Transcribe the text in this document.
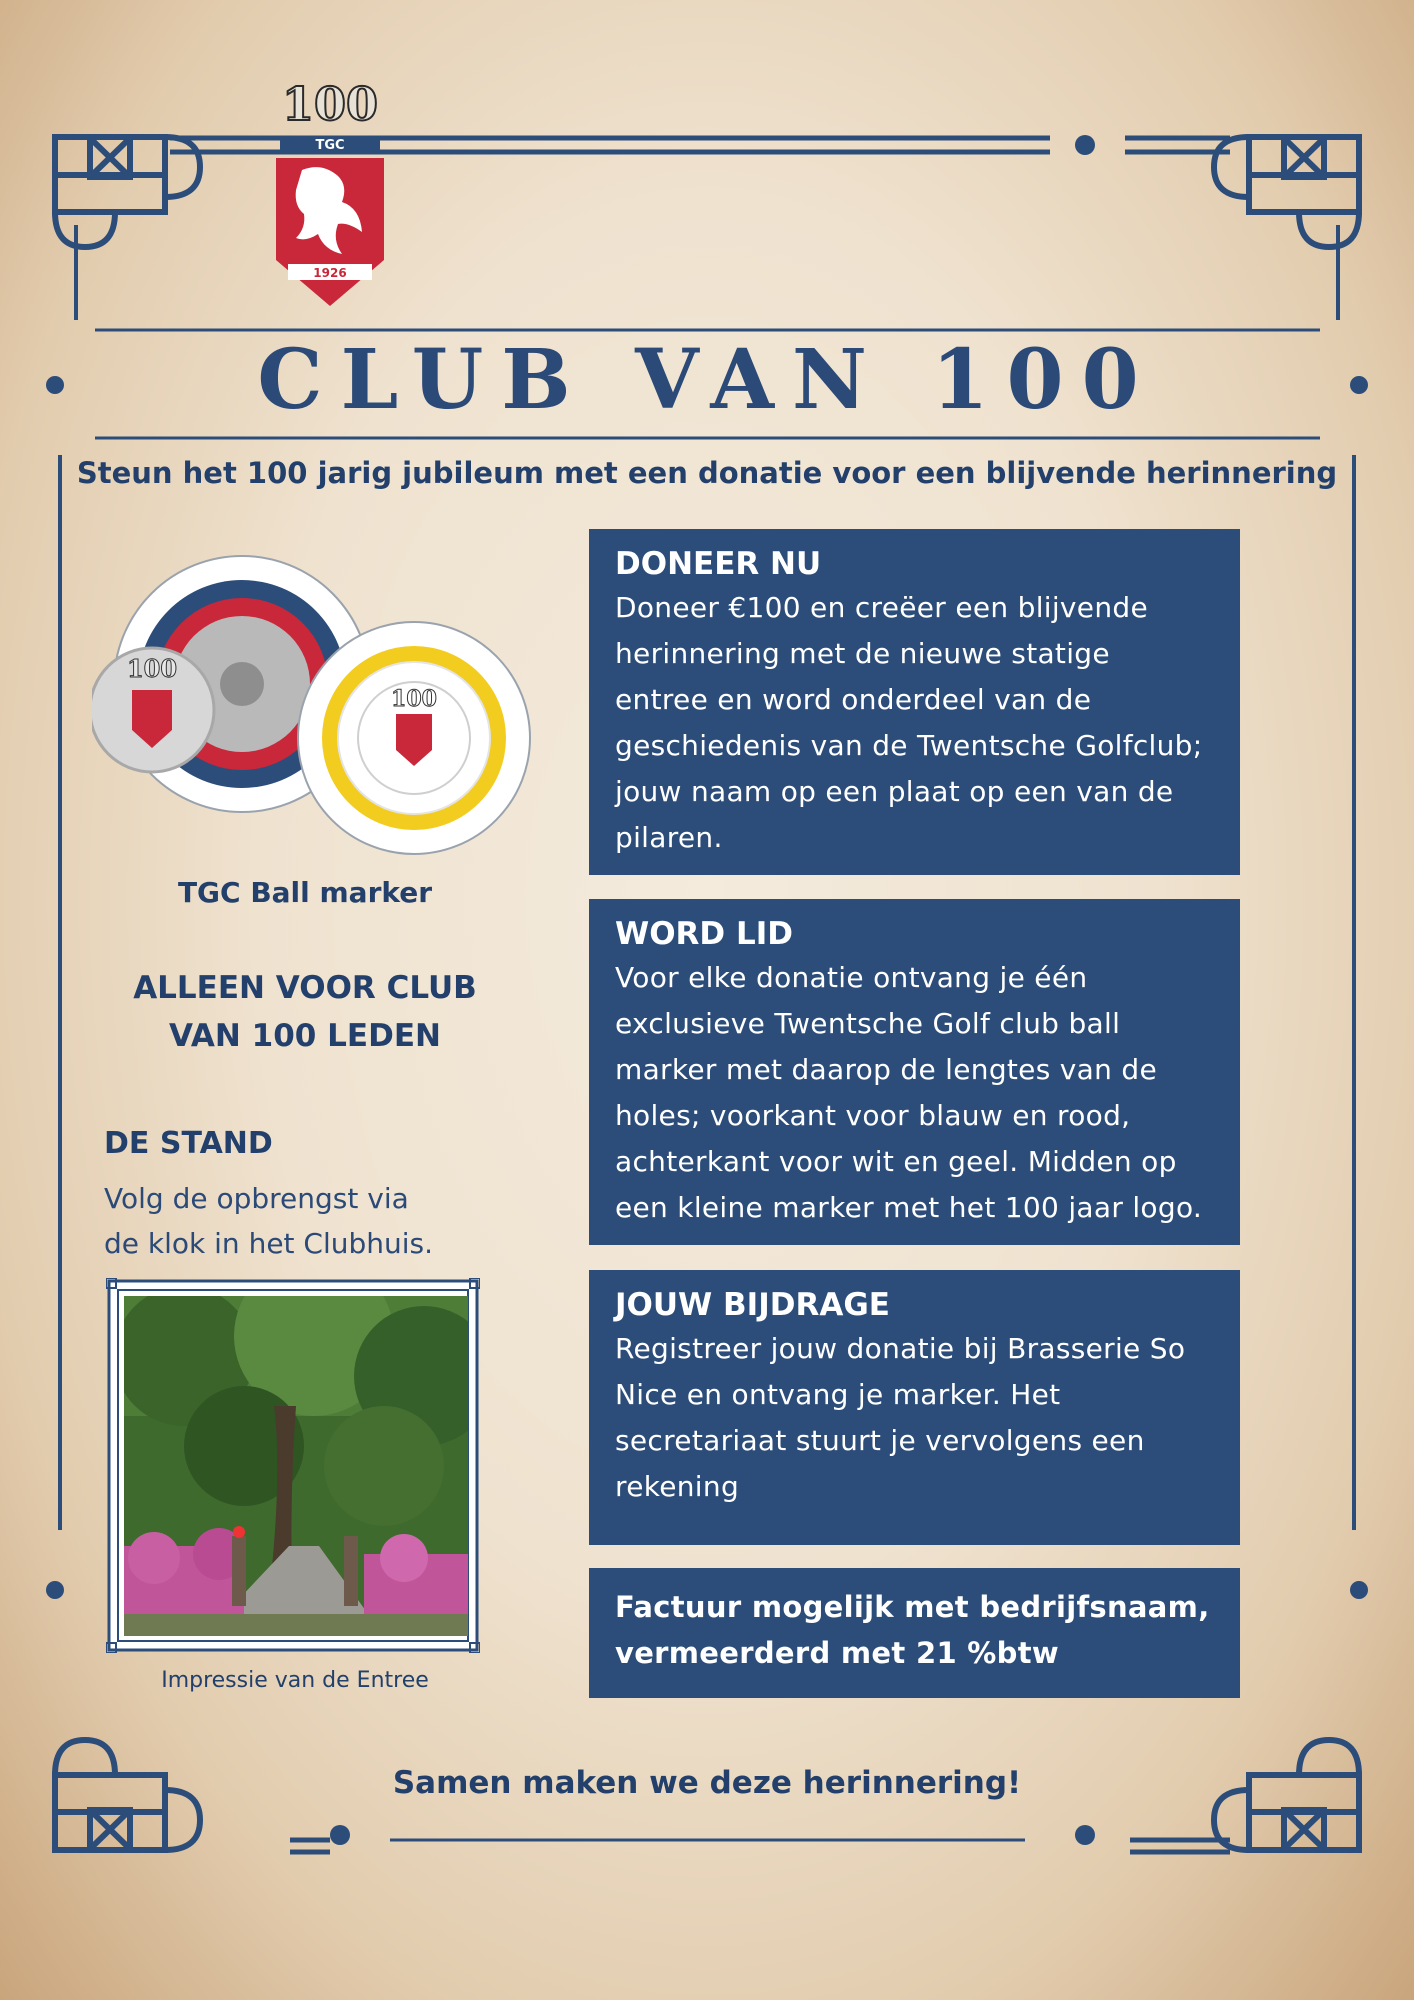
100
TGC
1926
CLUB VAN 100
Steun het 100 jarig jubileum met een donatie voor een blijvende herinnering
100
100
TGC Ball marker
ALLEEN VOOR CLUB
VAN 100 LEDEN
DE STAND
Volg de opbrengst via
de klok in het Clubhuis.
Impressie van de Entree
DONEER NU

Doneer €100 en creëer een blijvende

herinnering met de nieuwe statige

entree en word onderdeel van de

geschiedenis van de Twentsche Golfclub;

jouw naam op een plaat op een van de

pilaren.

WORD LID

Voor elke donatie ontvang je één

exclusieve Twentsche Golf club ball

marker met daarop de lengtes van de

holes; voorkant voor blauw en rood,

achterkant voor wit en geel. Midden op

een kleine marker met het 100 jaar logo.

JOUW BIJDRAGE

Registreer jouw donatie bij Brasserie So

Nice en ontvang je marker. Het

secretariaat stuurt je vervolgens een

rekening

Factuur mogelijk met bedrijfsnaam,

vermeerderd met 21 %btw

Samen maken we deze herinnering!
